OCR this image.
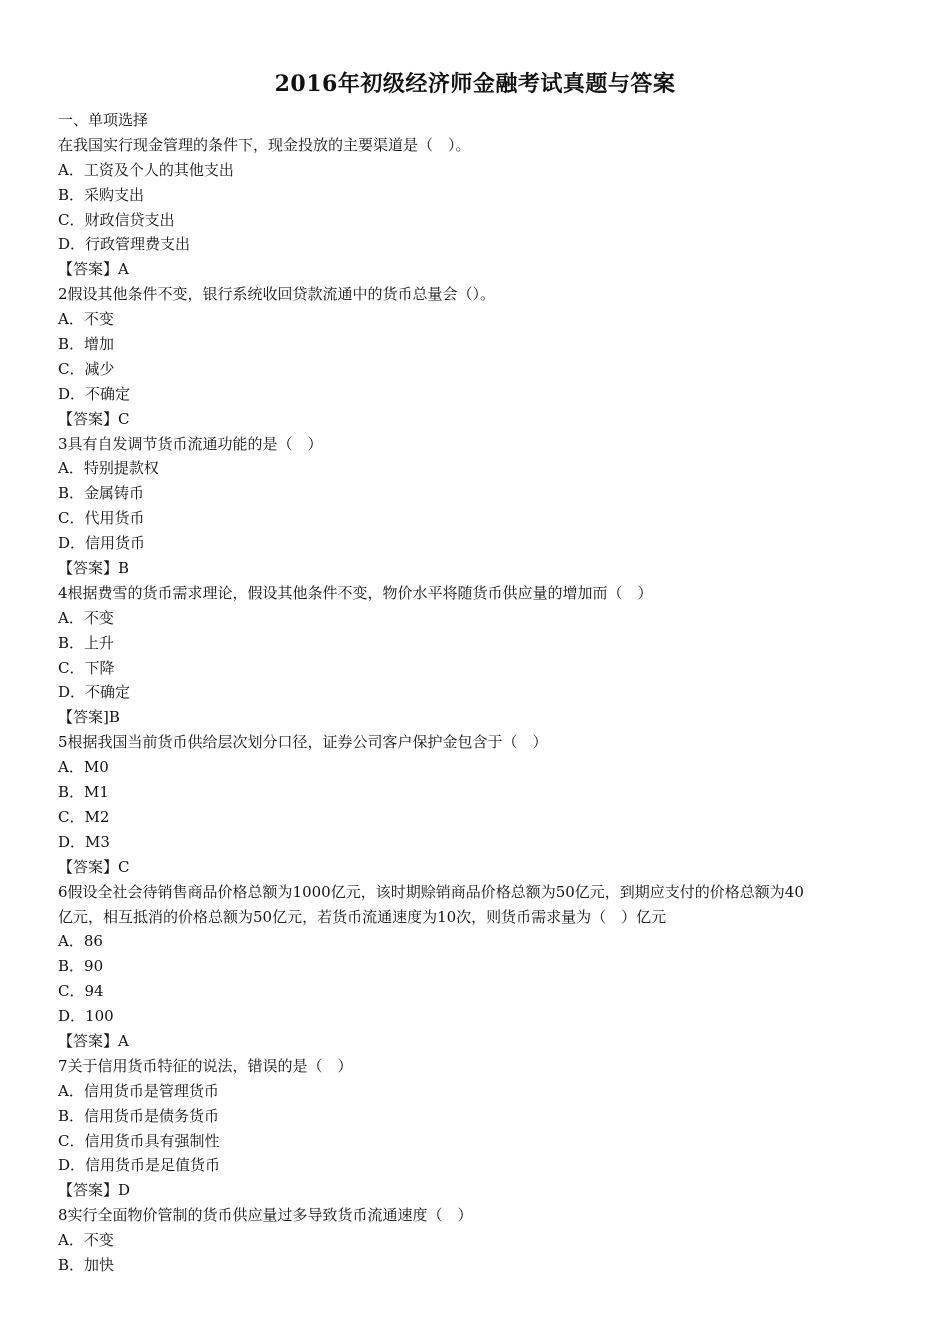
2016年初级经济师金融考试真题与答案
一、单项选择
在我国实行现金管理的条件下，现金投放的主要渠道是（　）。
A．工资及个人的其他支出
B．采购支出
C．财政信贷支出
D．行政管理费支出
【答案】A
2假设其他条件不变，银行系统收回贷款流通中的货币总量会（）。
A．不变
B．增加
C．减少
D．不确定
【答案】C
3具有自发调节货币流通功能的是（　）
A．特别提款权
B．金属铸币
C．代用货币
D．信用货币
【答案】B
4根据费雪的货币需求理论，假设其他条件不变，物价水平将随货币供应量的增加而（　）
A．不变
B．上升
C．下降
D．不确定
【答案]B
5根据我国当前货币供给层次划分口径，证券公司客户保护金包含于（　）
A．M0
B．M1
C．M2
D．M3
【答案】C
6假设全社会待销售商品价格总额为1000亿元，该时期赊销商品价格总额为50亿元，到期应支付的价格总额为40
亿元，相互抵消的价格总额为50亿元，若货币流通速度为10次，则货币需求量为（　）亿元
A．86
B．90
C．94
D．100
【答案】A
7关于信用货币特征的说法，错误的是（　）
A．信用货币是管理货币
B．信用货币是债务货币
C．信用货币具有强制性
D．信用货币是足值货币
【答案】D
8实行全面物价管制的货币供应量过多导致货币流通速度（　）
A．不变
B．加快
